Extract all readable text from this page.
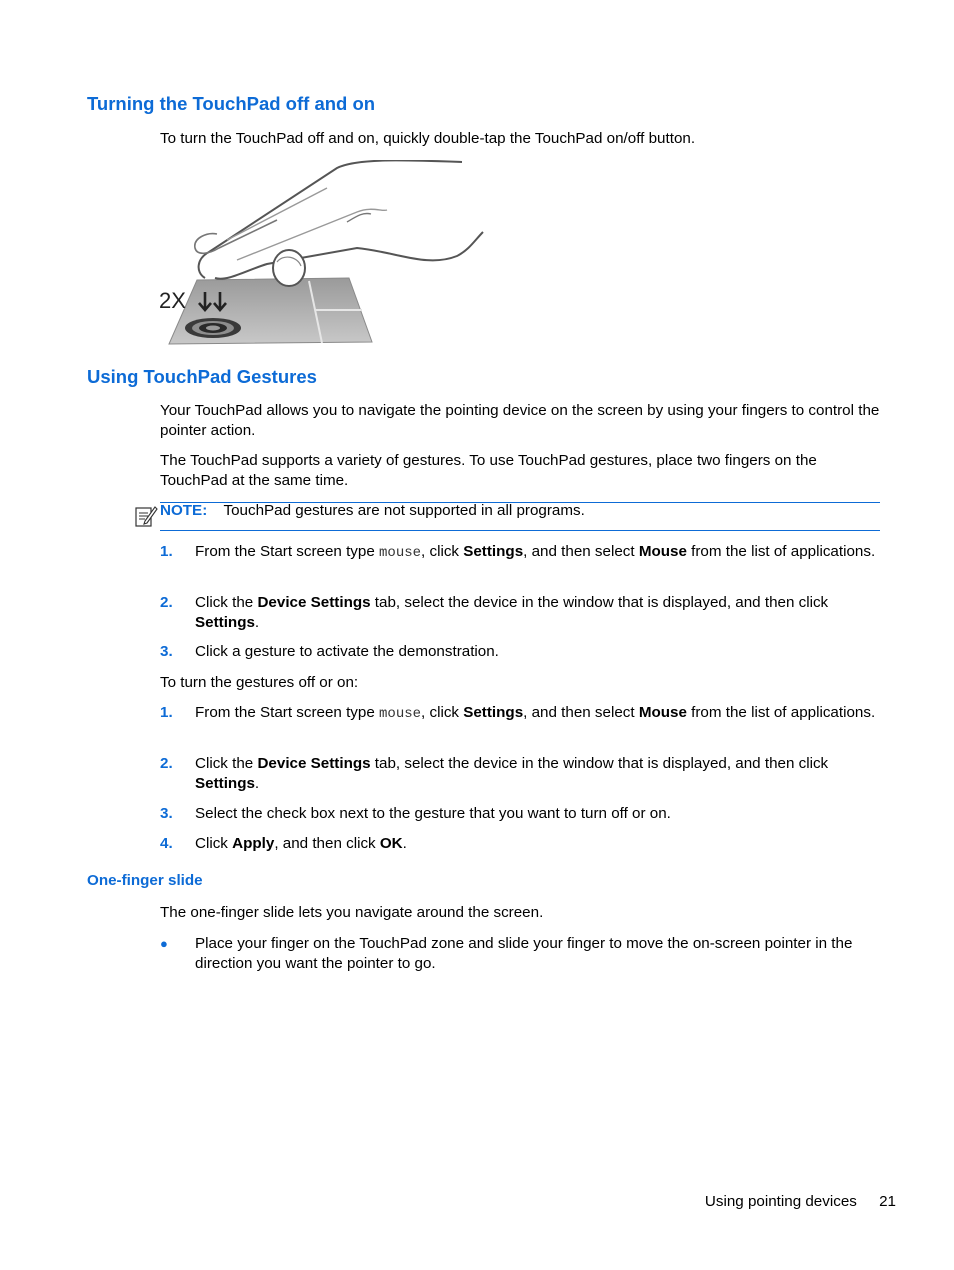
Turning the TouchPad off and on

To turn the TouchPad off and on, quickly double-tap the TouchPad on/off button.

2X
Using TouchPad Gestures

Your TouchPad allows you to navigate the pointing device on the screen by using your fingers to control the pointer action.

The TouchPad supports a variety of gestures. To use TouchPad gestures, place two fingers on the TouchPad at the same time.

NOTE: TouchPad gestures are not supported in all programs.
1. From the Start screen type mouse, click Settings, and then select Mouse from the list of applications.
2. Click the Device Settings tab, select the device in the window that is displayed, and then click Settings.
3. Click a gesture to activate the demonstration.

To turn the gestures off or on:

1. From the Start screen type mouse, click Settings, and then select Mouse from the list of applications.
2. Click the Device Settings tab, select the device in the window that is displayed, and then click Settings.
3. Select the check box next to the gesture that you want to turn off or on.
4. Click Apply, and then click OK.
One-finger slide

The one-finger slide lets you navigate around the screen.

● Place your finger on the TouchPad zone and slide your finger to move the on-screen pointer in the direction you want the pointer to go.
Using pointing devices 21
